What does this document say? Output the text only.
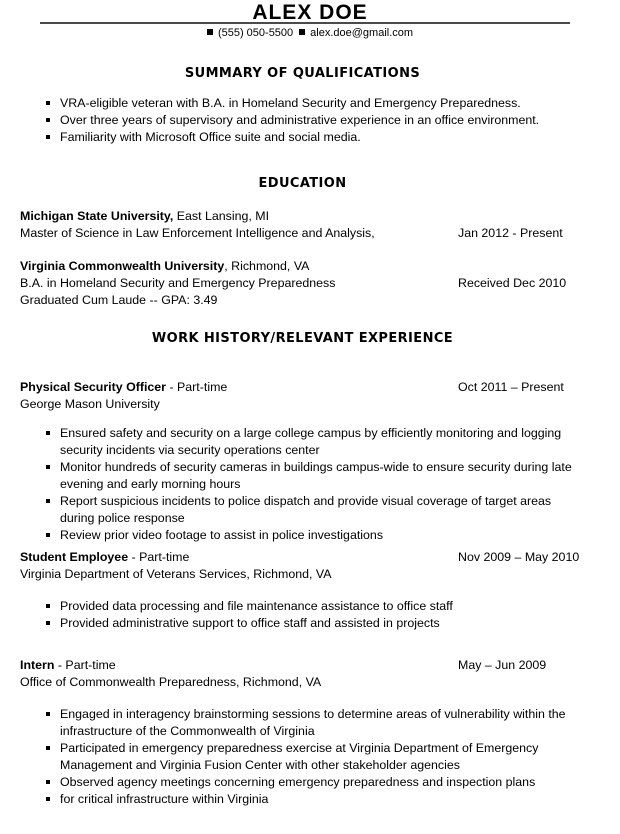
ALEX DOE
(555) 050-5500 alex.doe@gmail.com
SUMMARY OF QUALIFICATIONS
VRA-eligible veteran with B.A. in Homeland Security and Emergency Preparedness.
Over three years of supervisory and administrative experience in an office environment.
Familiarity with Microsoft Office suite and social media.
EDUCATION
Michigan State University, East Lansing, MI
Master of Science in Law Enforcement Intelligence and Analysis,	Jan 2012 - Present
Virginia Commonwealth University, Richmond, VA
B.A. in Homeland Security and Emergency Preparedness	Received Dec 2010
Graduated Cum Laude -- GPA: 3.49
WORK HISTORY/RELEVANT EXPERIENCE
Physical Security Officer - Part-time	Oct 2011 – Present
George Mason University
Ensured safety and security on a large college campus by efficiently monitoring and logging security incidents via security operations center
Monitor hundreds of security cameras in buildings campus-wide to ensure security during late evening and early morning hours
Report suspicious incidents to police dispatch and provide visual coverage of target areas during police response
Review prior video footage to assist in police investigations
Student Employee - Part-time	Nov 2009 – May 2010
Virginia Department of Veterans Services, Richmond, VA
Provided data processing and file maintenance assistance to office staff
Provided administrative support to office staff and assisted in projects
Intern - Part-time	May – Jun 2009
Office of Commonwealth Preparedness, Richmond, VA
Engaged in interagency brainstorming sessions to determine areas of vulnerability within the infrastructure of the Commonwealth of Virginia
Participated in emergency preparedness exercise at Virginia Department of Emergency Management and Virginia Fusion Center with other stakeholder agencies
Observed agency meetings concerning emergency preparedness and inspection plans
for critical infrastructure within Virginia
